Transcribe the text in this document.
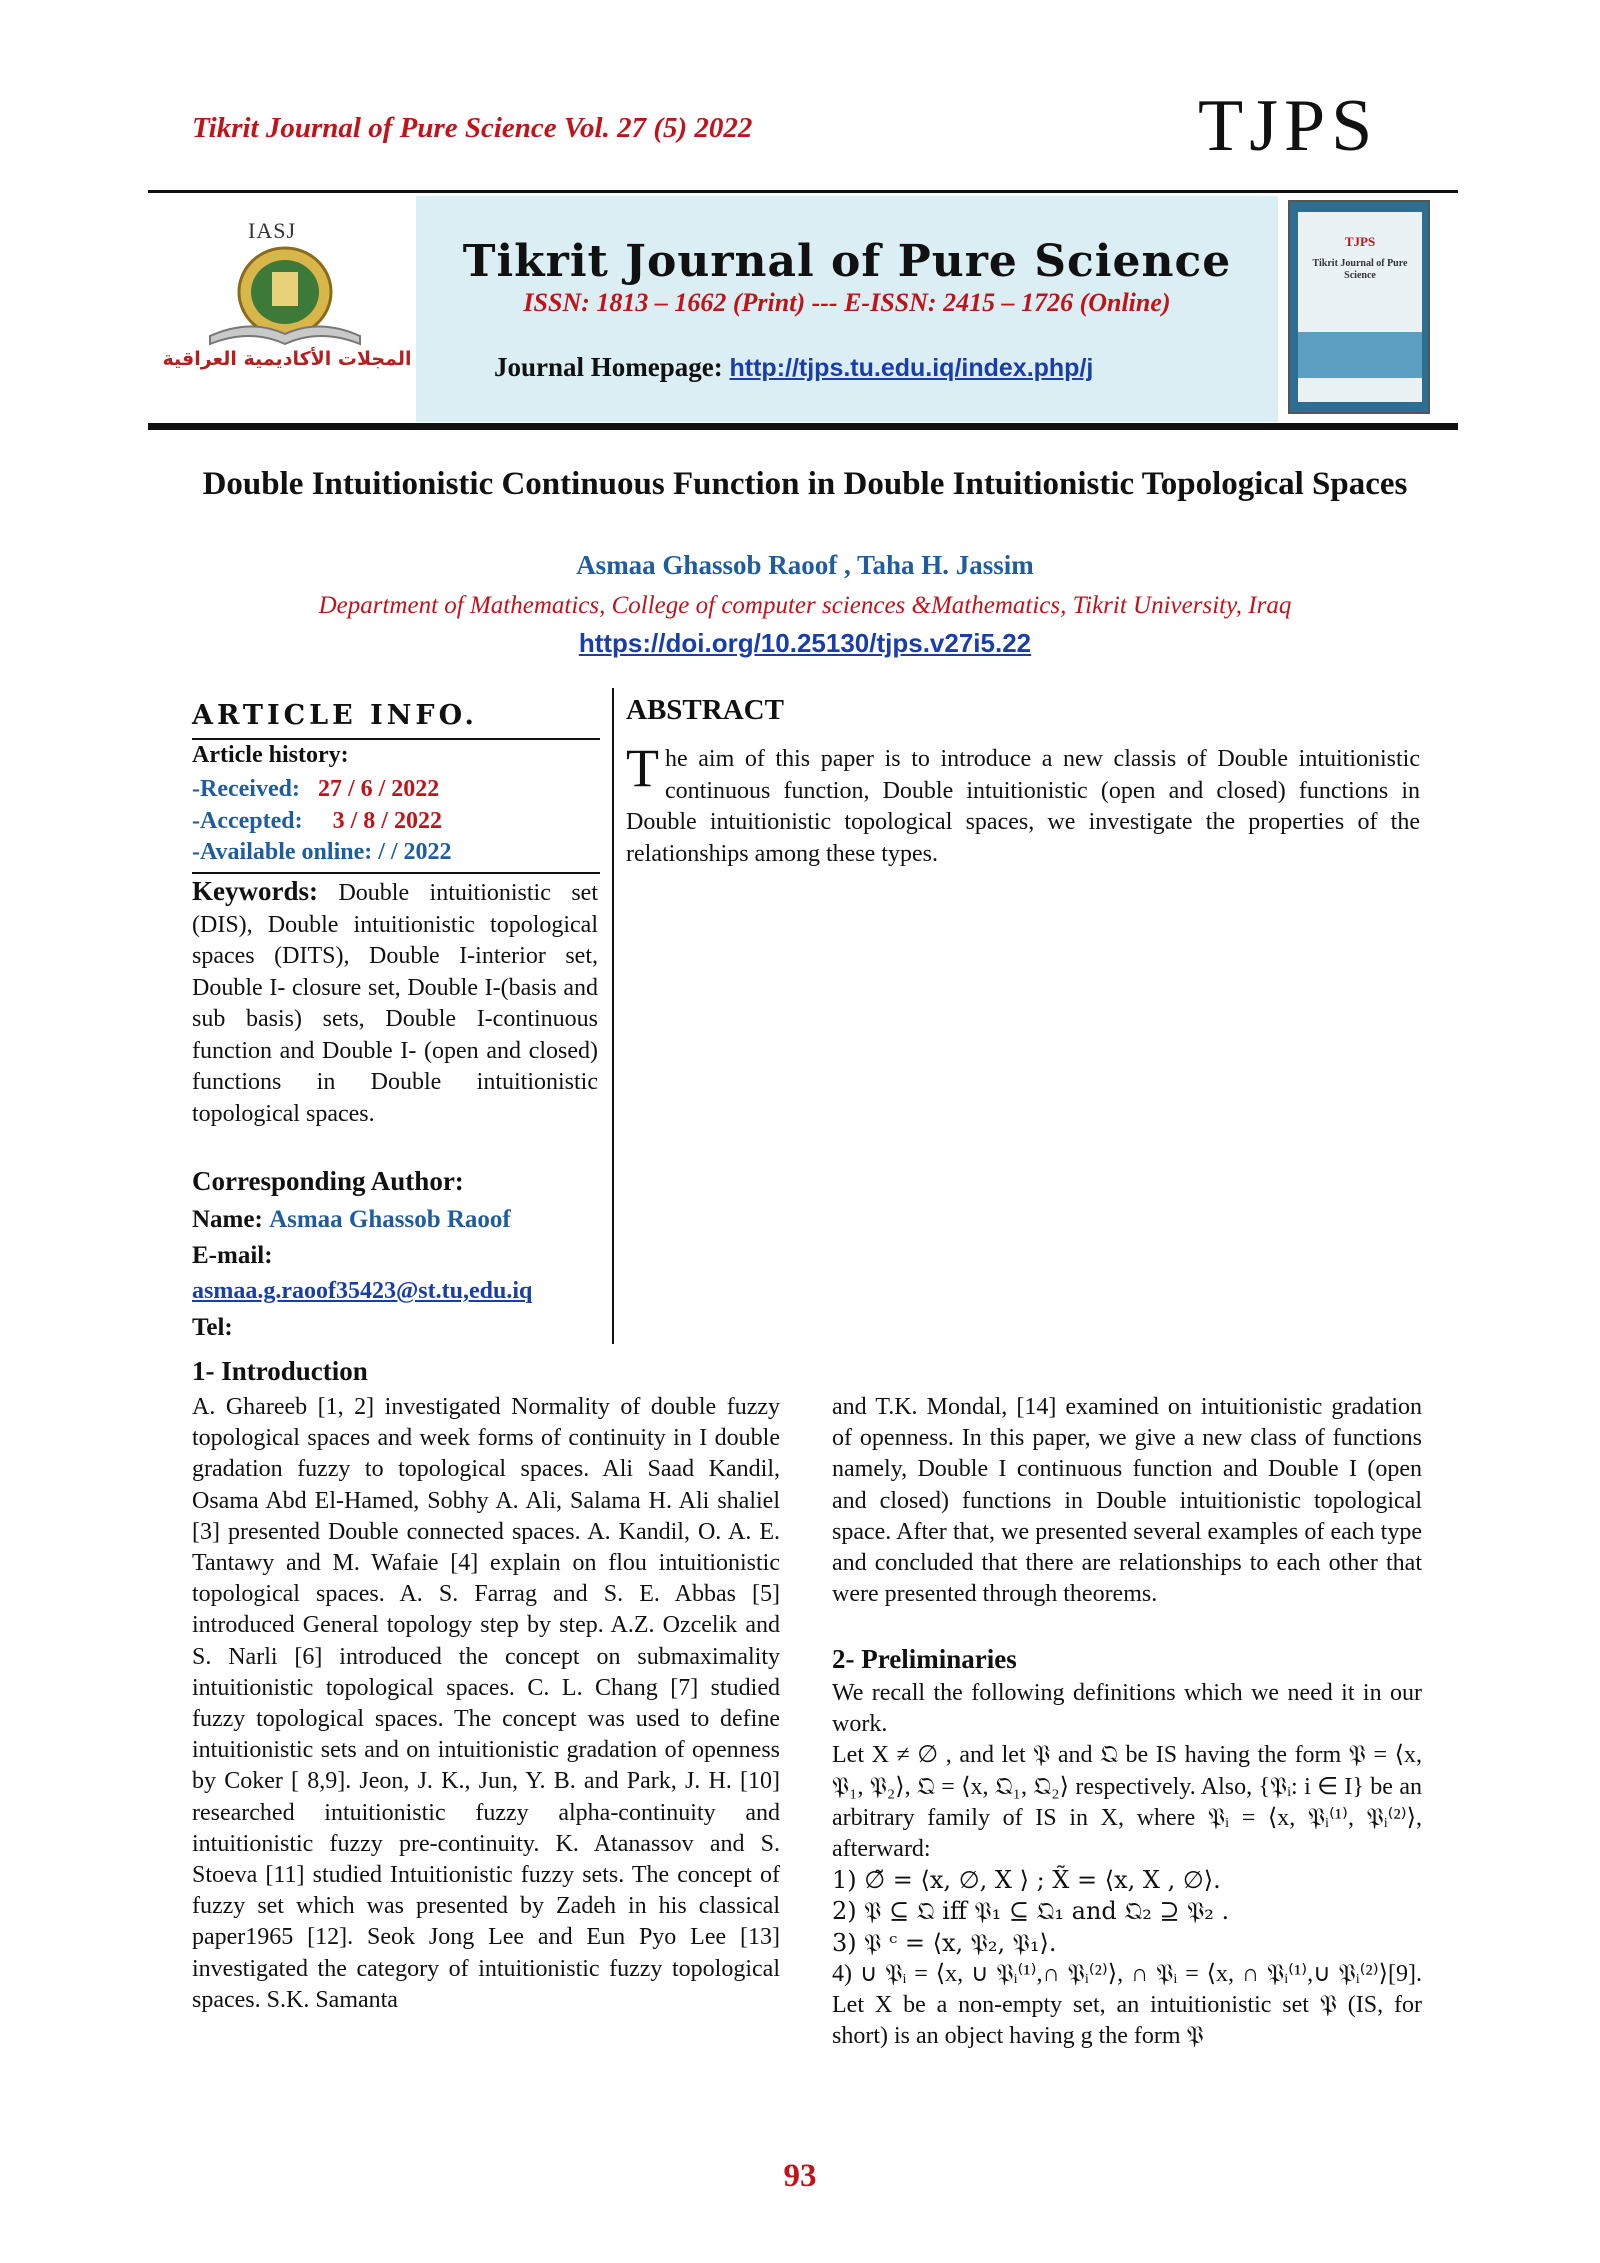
Tikrit Journal of Pure Science Vol. 27 (5) 2022	TJPS
IASJ
المجلات الأكاديمية العراقية
Tikrit Journal of Pure Science
ISSN: 1813 – 1662 (Print) --- E-ISSN: 2415 – 1726 (Online)
Journal Homepage: http://tjps.tu.edu.iq/index.php/j
TJPS
Tikrit Journal of Pure Science
Double Intuitionistic Continuous Function in Double Intuitionistic Topological Spaces
Asmaa Ghassob Raoof , Taha H. Jassim
Department of Mathematics, College of computer sciences &Mathematics, Tikrit University, Iraq
https://doi.org/10.25130/tjps.v27i5.22
ARTICLE INFO.
Article history:
-Received: 27 / 6 / 2022
-Accepted: 3 / 8 / 2022
-Available online: / / 2022
Keywords: Double intuitionistic set (DIS), Double intuitionistic topological spaces (DITS), Double I-interior set, Double I- closure set, Double I-(basis and sub basis) sets, Double I-continuous function and Double I- (open and closed) functions in Double intuitionistic topological spaces.
Corresponding Author:
Name: Asmaa Ghassob Raoof
E-mail:
asmaa.g.raoof35423@st.tu,edu.iq
Tel:
ABSTRACT
The aim of this paper is to introduce a new classis of Double intuitionistic continuous function, Double intuitionistic (open and closed) functions in Double intuitionistic topological spaces, we investigate the properties of the relationships among these types.
1- Introduction
A. Ghareeb [1, 2] investigated Normality of double fuzzy topological spaces and week forms of continuity in I double gradation fuzzy to topological spaces. Ali Saad Kandil, Osama Abd El-Hamed, Sobhy A. Ali, Salama H. Ali shaliel [3] presented Double connected spaces. A. Kandil, O. A. E. Tantawy and M. Wafaie [4] explain on flou intuitionistic topological spaces. A. S. Farrag and S. E. Abbas [5] introduced General topology step by step. A.Z. Ozcelik and S. Narli [6] introduced the concept on submaximality intuitionistic topological spaces. C. L. Chang [7] studied fuzzy topological spaces. The concept was used to define intuitionistic sets and on intuitionistic gradation of openness by Coker [ 8,9]. Jeon, J. K., Jun, Y. B. and Park, J. H. [10] researched intuitionistic fuzzy alpha-continuity and intuitionistic fuzzy pre-continuity. K. Atanassov and S. Stoeva [11] studied Intuitionistic fuzzy sets. The concept of fuzzy set which was presented by Zadeh in his classical paper1965 [12]. Seok Jong Lee and Eun Pyo Lee [13] investigated the category of intuitionistic fuzzy topological spaces. S.K. Samanta
and T.K. Mondal, [14] examined on intuitionistic gradation of openness. In this paper, we give a new class of functions namely, Double I continuous function and Double I (open and closed) functions in Double intuitionistic topological space. After that, we presented several examples of each type and concluded that there are relationships to each other that were presented through theorems.
2- Preliminaries
We recall the following definitions which we need it in our work.
Let X ≠ ∅ , and let 𝔓 and 𝔔 be IS having the form 𝔓 = ⟨x, 𝔓₁, 𝔓₂⟩, 𝔔 = ⟨x, 𝔔₁, 𝔔₂⟩ respectively. Also, {𝔓ᵢ: i ∈ I} be an arbitrary family of IS in X, where 𝔓ᵢ = ⟨x, 𝔓ᵢ⁽¹⁾, 𝔓ᵢ⁽²⁾⟩, afterward:
1) ∅̃ = ⟨x, ∅, X ⟩ ; X̃ = ⟨x, X , ∅⟩.
2) 𝔓 ⊆ 𝔔 iff 𝔓₁ ⊆ 𝔔₁ and 𝔔₂ ⊇ 𝔓₂ .
3) 𝔓 ᶜ = ⟨x, 𝔓₂, 𝔓₁⟩.
4) ∪ 𝔓ᵢ = ⟨x, ∪ 𝔓ᵢ⁽¹⁾,∩ 𝔓ᵢ⁽²⁾⟩, ∩ 𝔓ᵢ = ⟨x, ∩ 𝔓ᵢ⁽¹⁾,∪ 𝔓ᵢ⁽²⁾⟩[9]. Let X be a non-empty set, an intuitionistic set 𝔓 (IS, for short) is an object having g the form 𝔓
93
